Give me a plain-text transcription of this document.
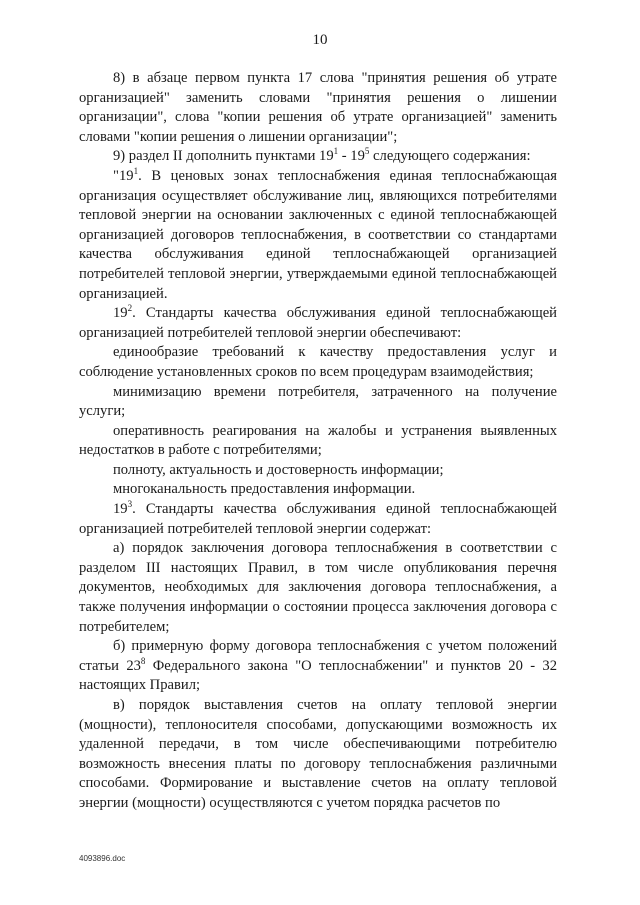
10

8) в абзаце первом пункта 17 слова "принятия решения об утрате организацией" заменить словами "принятия решения о лишении организации", слова "копии решения об утрате организацией" заменить словами "копии решения о лишении организации";

9) раздел II дополнить пунктами $19^1 - 19^5$ следующего содержания:

"$19^1$. В ценовых зонах теплоснабжения единая теплоснабжающая организация осуществляет обслуживание лиц, являющихся потребителями тепловой энергии на основании заключенных с единой теплоснабжающей организацией договоров теплоснабжения, в соответствии со стандартами качества обслуживания единой теплоснабжающей организацией потребителей тепловой энергии, утверждаемыми единой теплоснабжающей организацией.

$19^2$. Стандарты качества обслуживания единой теплоснабжающей организацией потребителей тепловой энергии обеспечивают:

единообразие требований к качеству предоставления услуг и соблюдение установленных сроков по всем процедурам взаимодействия;

минимизацию времени потребителя, затраченного на получение услуги;

оперативность реагирования на жалобы и устранения выявленных недостатков в работе с потребителями;

полноту, актуальность и достоверность информации;

многоканальность предоставления информации.

$19^3$. Стандарты качества обслуживания единой теплоснабжающей организацией потребителей тепловой энергии содержат:

а) порядок заключения договора теплоснабжения в соответствии с разделом III настоящих Правил, в том числе опубликования перечня документов, необходимых для заключения договора теплоснабжения, а также получения информации о состоянии процесса заключения договора с потребителем;

б) примерную форму договора теплоснабжения с учетом положений статьи $23^8$ Федерального закона "О теплоснабжении" и пунктов 20 - 32 настоящих Правил;

в) порядок выставления счетов на оплату тепловой энергии (мощности), теплоносителя способами, допускающими возможность их удаленной передачи, в том числе обеспечивающими потребителю возможность внесения платы по договору теплоснабжения различными способами. Формирование и выставление счетов на оплату тепловой энергии (мощности) осуществляются с учетом порядка расчетов по

4093896.doc
